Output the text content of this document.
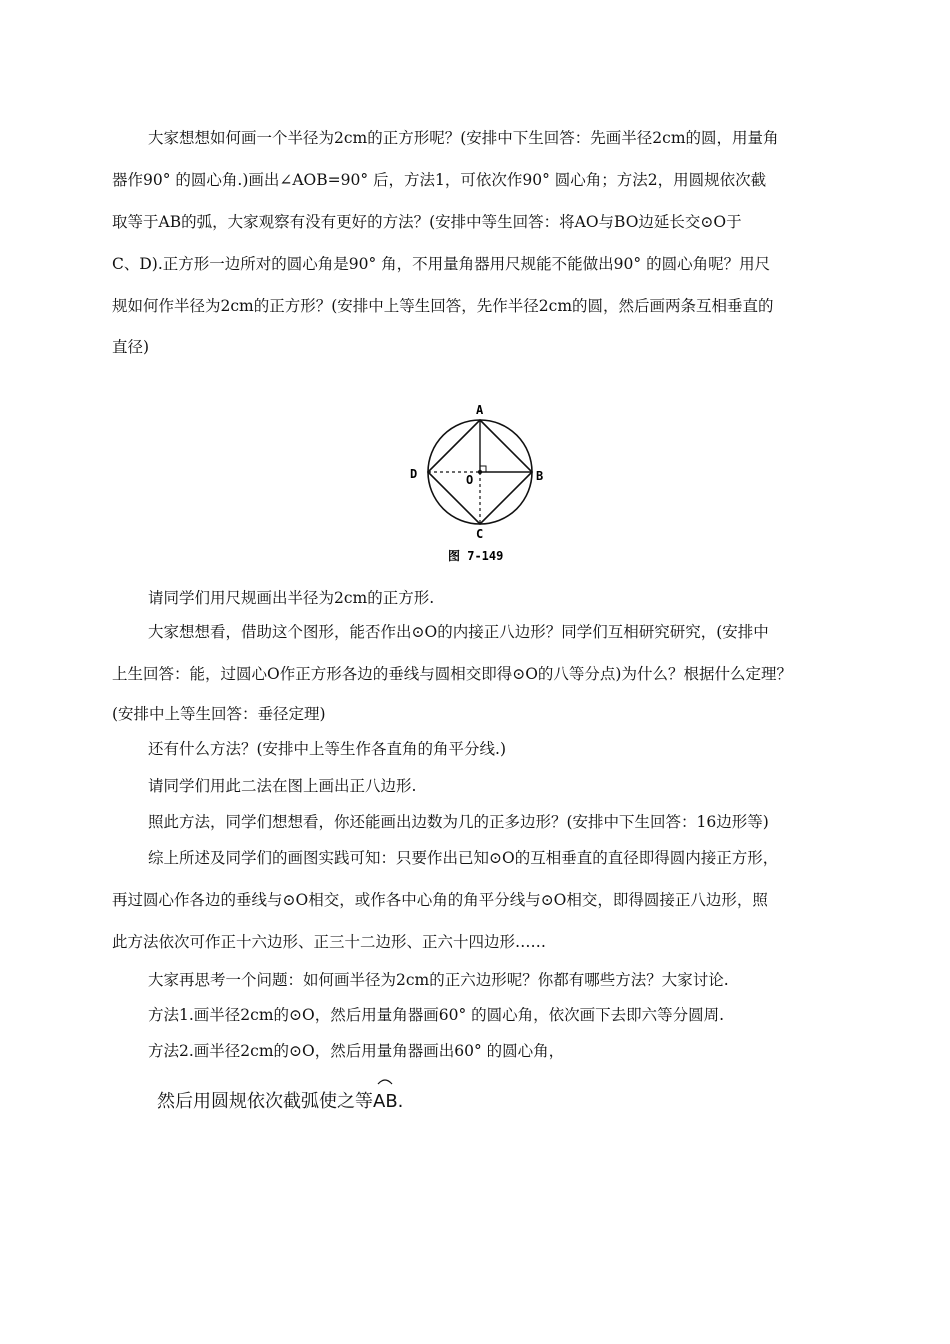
大家想想如何画一个半径为2cm的正方形呢？(安排中下生回答：先画半径2cm的圆，用量角

器作90° 的圆心角.)画出∠AOB=90° 后，方法1，可依次作90° 圆心角；方法2，用圆规依次截

取等于AB的弧，大家观察有没有更好的方法？(安排中等生回答：将AO与BO边延长交⊙O于

C、D).正方形一边所对的圆心角是90° 角，不用量角器用尺规能不能做出90° 的圆心角呢？用尺

规如何作半径为2cm的正方形？(安排中上等生回答，先作半径2cm的圆，然后画两条互相垂直的

直径)

A
B
C
D	O
图 7-149

请同学们用尺规画出半径为2cm的正方形.

大家想想看，借助这个图形，能否作出⊙O的内接正八边形？同学们互相研究研究，(安排中

上生回答：能，过圆心O作正方形各边的垂线与圆相交即得⊙O的八等分点)为什么？根据什么定理？

(安排中上等生回答：垂径定理)

还有什么方法？(安排中上等生作各直角的角平分线.)

请同学们用此二法在图上画出正八边形.

照此方法，同学们想想看，你还能画出边数为几的正多边形？(安排中下生回答：16边形等)

综上所述及同学们的画图实践可知：只要作出已知⊙O的互相垂直的直径即得圆内接正方形，

再过圆心作各边的垂线与⊙O相交，或作各中心角的角平分线与⊙O相交，即得圆接正八边形，照

此方法依次可作正十六边形、正三十二边形、正六十四边形……

大家再思考一个问题：如何画半径为2cm的正六边形呢？你都有哪些方法？大家讨论.

方法1.画半径2cm的⊙O，然后用量角器画60° 的圆心角，依次画下去即六等分圆周.

方法2.画半径2cm的⊙O，然后用量角器画出60° 的圆心角，

然后用圆规依次截弧使之等
AB.
